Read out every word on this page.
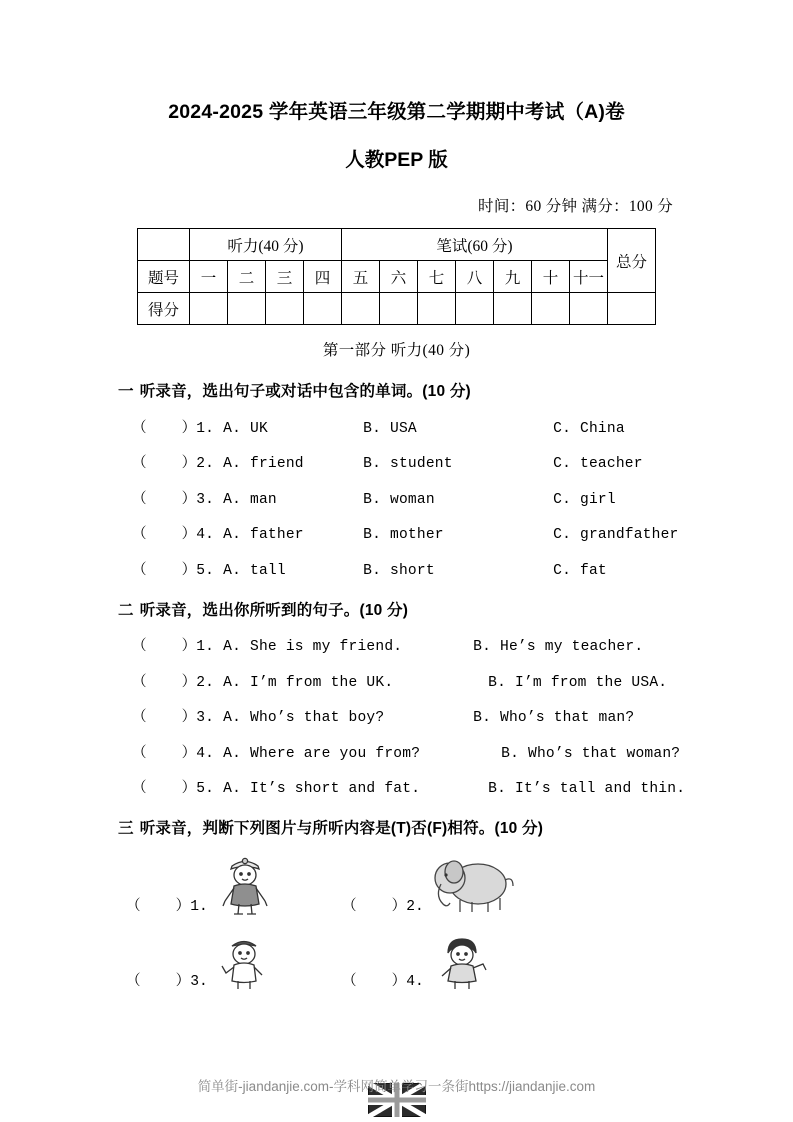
2024-2025 学年英语三年级第二学期期中考试（A)卷
人教PEP 版
时间：60 分钟 满分：100 分
	听力(40 分)				笔试(60 分)							总分
题号	一	二	三	四	五	六	七	八	九	十	十一	
得分												
第一部分 听力(40 分)
一 听录音，选出句子或对话中包含的单词。(10 分)
（    ）1. A. UK	B. USA	C. China
（    ）2. A. friend	B. student	C. teacher
（    ）3. A. man	B. woman	C. girl
（    ）4. A. father	B. mother	C. grandfather
（    ）5. A. tall	B. short	C. fat
二 听录音，选出你所听到的句子。(10 分)
（    ）1. A. She is my friend.	B. He’s my teacher.
（    ）2. A. I’m from the UK.	B. I’m from the USA.
（    ）3. A. Who’s that boy?	B. Who’s that man?
（    ）4. A. Where are you from?	B. Who’s that woman?
（    ）5. A. It’s short and fat.	B. It’s tall and thin.
三 听录音，判断下列图片与所听内容是(T)否(F)相符。(10 分)
（    ） 1.	（    ） 2.
（    ） 3.	（    ） 4.
简单街-jiandanjie.com-学科网简单学习一条街https://jiandanjie.com
